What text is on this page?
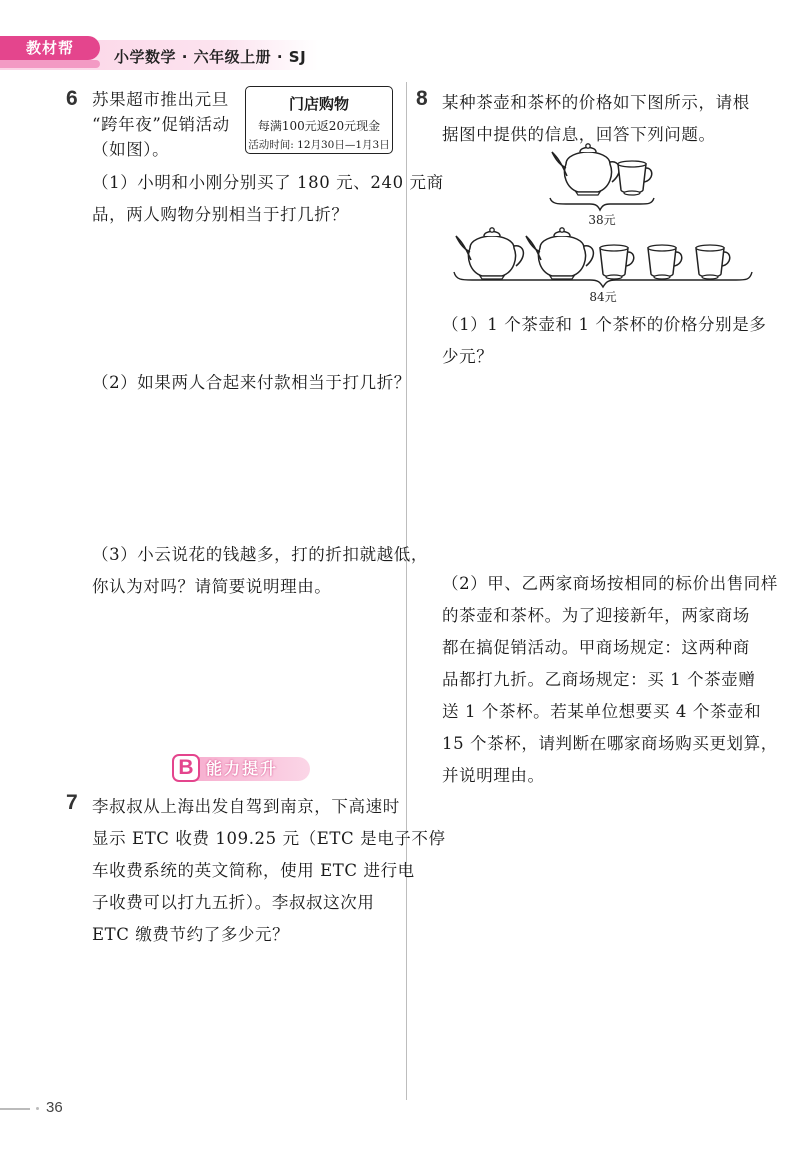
教材帮	小学数学 · 六年级上册 · SJ
6 苏果超市推出元旦
“跨年夜”促销活动
（如图）。
门店购物
每满100元返20元现金
活动时间: 12月30日—1月3日
（1）小明和小刚分别买了 180 元、240 元商
品，两人购物分别相当于打几折？
（2）如果两人合起来付款相当于打几折？
（3）小云说花的钱越多，打的折扣就越低，
你认为对吗？请简要说明理由。
B 能力提升
7 李叔叔从上海出发自驾到南京，下高速时
显示 ETC 收费 109.25 元（ETC 是电子不停
车收费系统的英文简称，使用 ETC 进行电
子收费可以打九五折）。李叔叔这次用
ETC 缴费节约了多少元？
8 某种茶壶和茶杯的价格如下图所示，请根
据图中提供的信息，回答下列问题。
38元
84元
（1）1 个茶壶和 1 个茶杯的价格分别是多
少元？
（2）甲、乙两家商场按相同的标价出售同样
的茶壶和茶杯。为了迎接新年，两家商场
都在搞促销活动。甲商场规定：这两种商
品都打九折。乙商场规定：买 1 个茶壶赠
送 1 个茶杯。若某单位想要买 4 个茶壶和
15 个茶杯，请判断在哪家商场购买更划算，
并说明理由。
36
